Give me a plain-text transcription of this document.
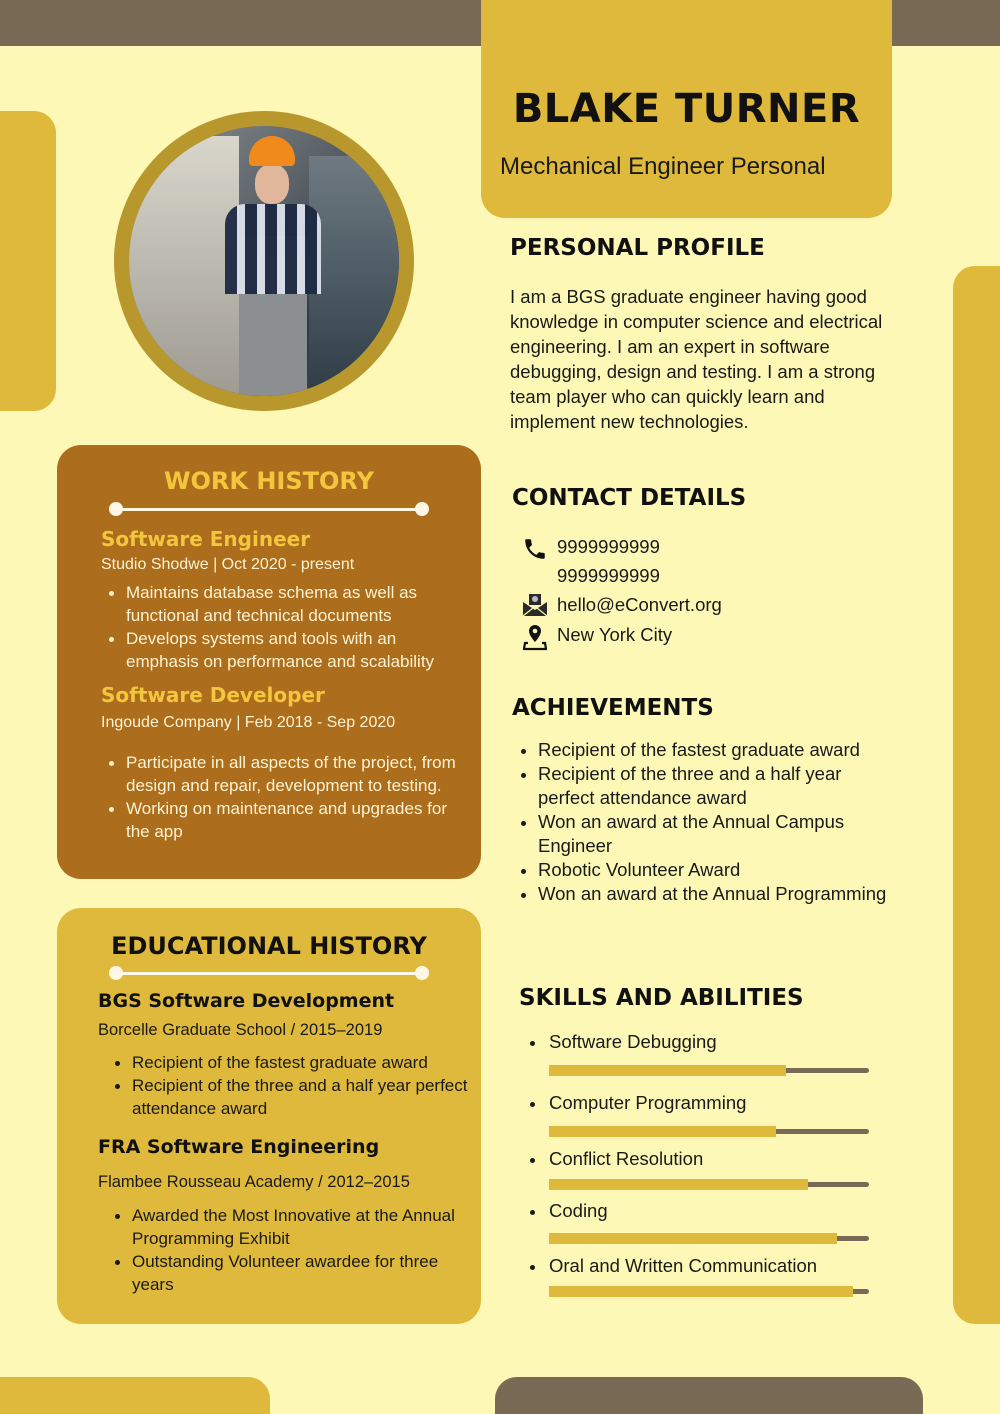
BLAKE TURNER
Mechanical Engineer Personal
WORK HISTORY
Software Engineer
Studio Shodwe | Oct 2020 - present
Maintains database schema as well as functional and technical documents
Develops systems and tools with an emphasis on performance and scalability
Software Developer
Ingoude Company | Feb 2018 - Sep 2020
Participate in all aspects of the project, from design and repair, development to testing.
Working on maintenance and upgrades for the app
EDUCATIONAL HISTORY
BGS Software Development
Borcelle Graduate School / 2015–2019
Recipient of the fastest graduate award
Recipient of the three and a half year perfect attendance award
FRA Software Engineering
Flambee Rousseau Academy / 2012–2015
Awarded the Most Innovative at the Annual Programming Exhibit
Outstanding Volunteer awardee for three years
PERSONAL PROFILE
I am a BGS graduate engineer having good knowledge in computer science and electrical engineering. I am an expert in software debugging, design and testing. I am a strong team player who can quickly learn and implement new technologies.
CONTACT DETAILS
9999999999
9999999999
hello@eConvert.org
New York City
ACHIEVEMENTS
Recipient of the fastest graduate award
Recipient of the three and a half year perfect attendance award
Won an award at the Annual Campus Engineer
Robotic Volunteer Award
Won an award at the Annual Programming
SKILLS AND ABILITIES
Software Debugging
Computer Programming
Conflict Resolution
Coding
Oral and Written Communication
